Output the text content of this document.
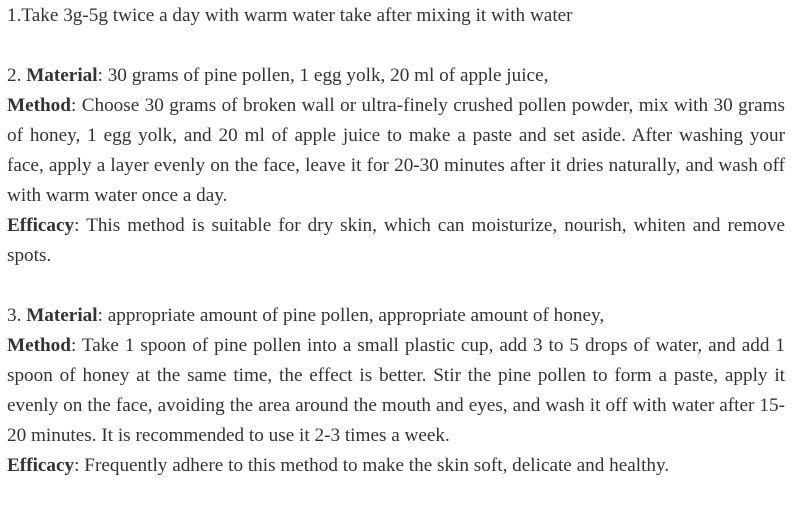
1.Take 3g-5g twice a day with warm water take after mixing it with water

2. Material: 30 grams of pine pollen, 1 egg yolk, 20 ml of apple juice,

Method: Choose 30 grams of broken wall or ultra-finely crushed pollen powder, mix with 30 grams of honey, 1 egg yolk, and 20 ml of apple juice to make a paste and set aside. After washing your face, apply a layer evenly on the face, leave it for 20-30 minutes after it dries naturally, and wash off with warm water once a day.

Efficacy: This method is suitable for dry skin, which can moisturize, nourish, whiten and remove spots.

3. Material: appropriate amount of pine pollen, appropriate amount of honey,

Method: Take 1 spoon of pine pollen into a small plastic cup, add 3 to 5 drops of water, and add 1 spoon of honey at the same time, the effect is better. Stir the pine pollen to form a paste, apply it evenly on the face, avoiding the area around the mouth and eyes, and wash it off with water after 15-20 minutes. It is recommended to use it 2-3 times a week.

Efficacy: Frequently adhere to this method to make the skin soft, delicate and healthy.
